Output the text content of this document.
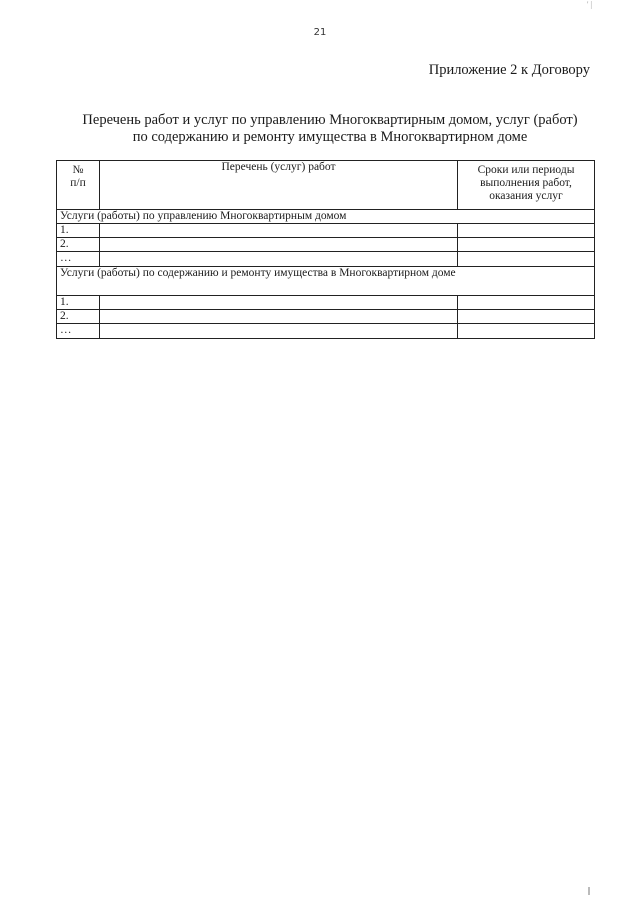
' |
21
Приложение 2 к Договору
Перечень работ и услуг по управлению Многоквартирным домом, услуг (работ)
по содержанию и ремонту имущества в Многоквартирном доме
№
п/п	Перечень (услуг) работ	Сроки или периоды выполнения работ, оказания услуг
Услуги (работы) по управлению Многоквартирным домом		
1.		
2.		
…		
Услуги (работы) по содержанию и ремонту имущества в Многоквартирном доме		
1.		
2.		
…		
